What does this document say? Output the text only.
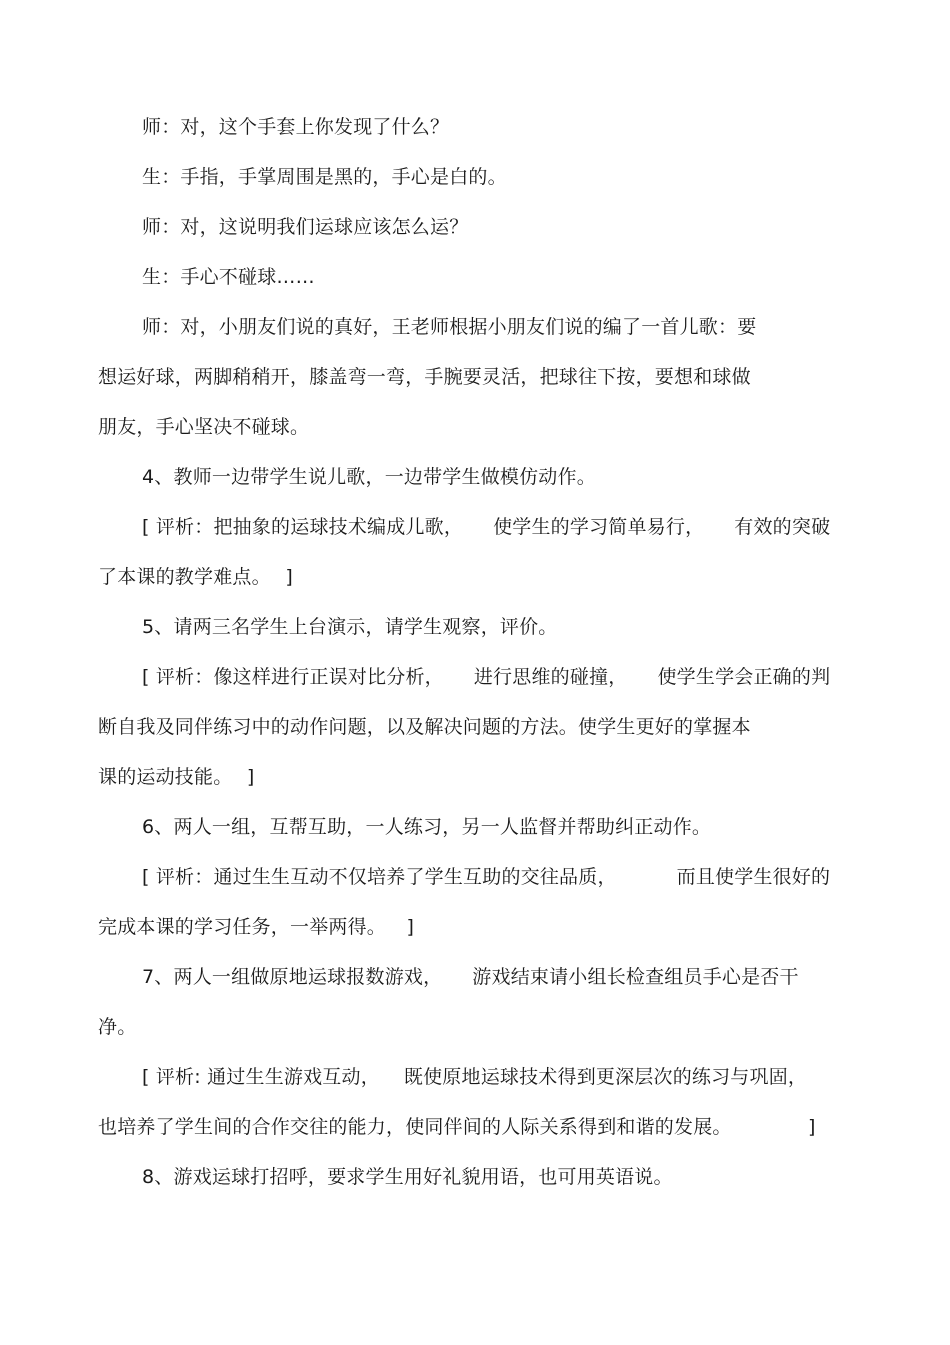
师：对，这个手套上你发现了什么？
生：手指，手掌周围是黑的，手心是白的。
师：对，这说明我们运球应该怎么运？
生：手心不碰球……
师：对，小朋友们说的真好，王老师根据小朋友们说的编了一首儿歌：要
想运好球，两脚稍稍开，膝盖弯一弯，手腕要灵活，把球往下按，要想和球做
朋友，手心坚决不碰球。
4、教师一边带学生说儿歌，一边带学生做模仿动作。
[ 评析：把抽象的运球技术编成儿歌， 使学生的学习简单易行， 有效的突破
了本课的教学难点。 ]
5、请两三名学生上台演示，请学生观察，评价。
[ 评析：像这样进行正误对比分析， 进行思维的碰撞， 使学生学会正确的判
断自我及同伴练习中的动作问题，以及解决问题的方法。使学生更好的掌握本
课的运动技能。 ]
6、两人一组，互帮互助，一人练习，另一人监督并帮助纠正动作。
[ 评析：通过生生互动不仅培养了学生互助的交往品质，	而且使学生很好的
完成本课的学习任务，一举两得。 ]
7、两人一组做原地运球报数游戏， 游戏结束请小组长检查组员手心是否干
净。
[ 评析: 通过生生游戏互动， 既使原地运球技术得到更深层次的练习与巩固，
也培养了学生间的合作交往的能力，使同伴间的人际关系得到和谐的发展。	]
8、游戏运球打招呼，要求学生用好礼貌用语，也可用英语说。
